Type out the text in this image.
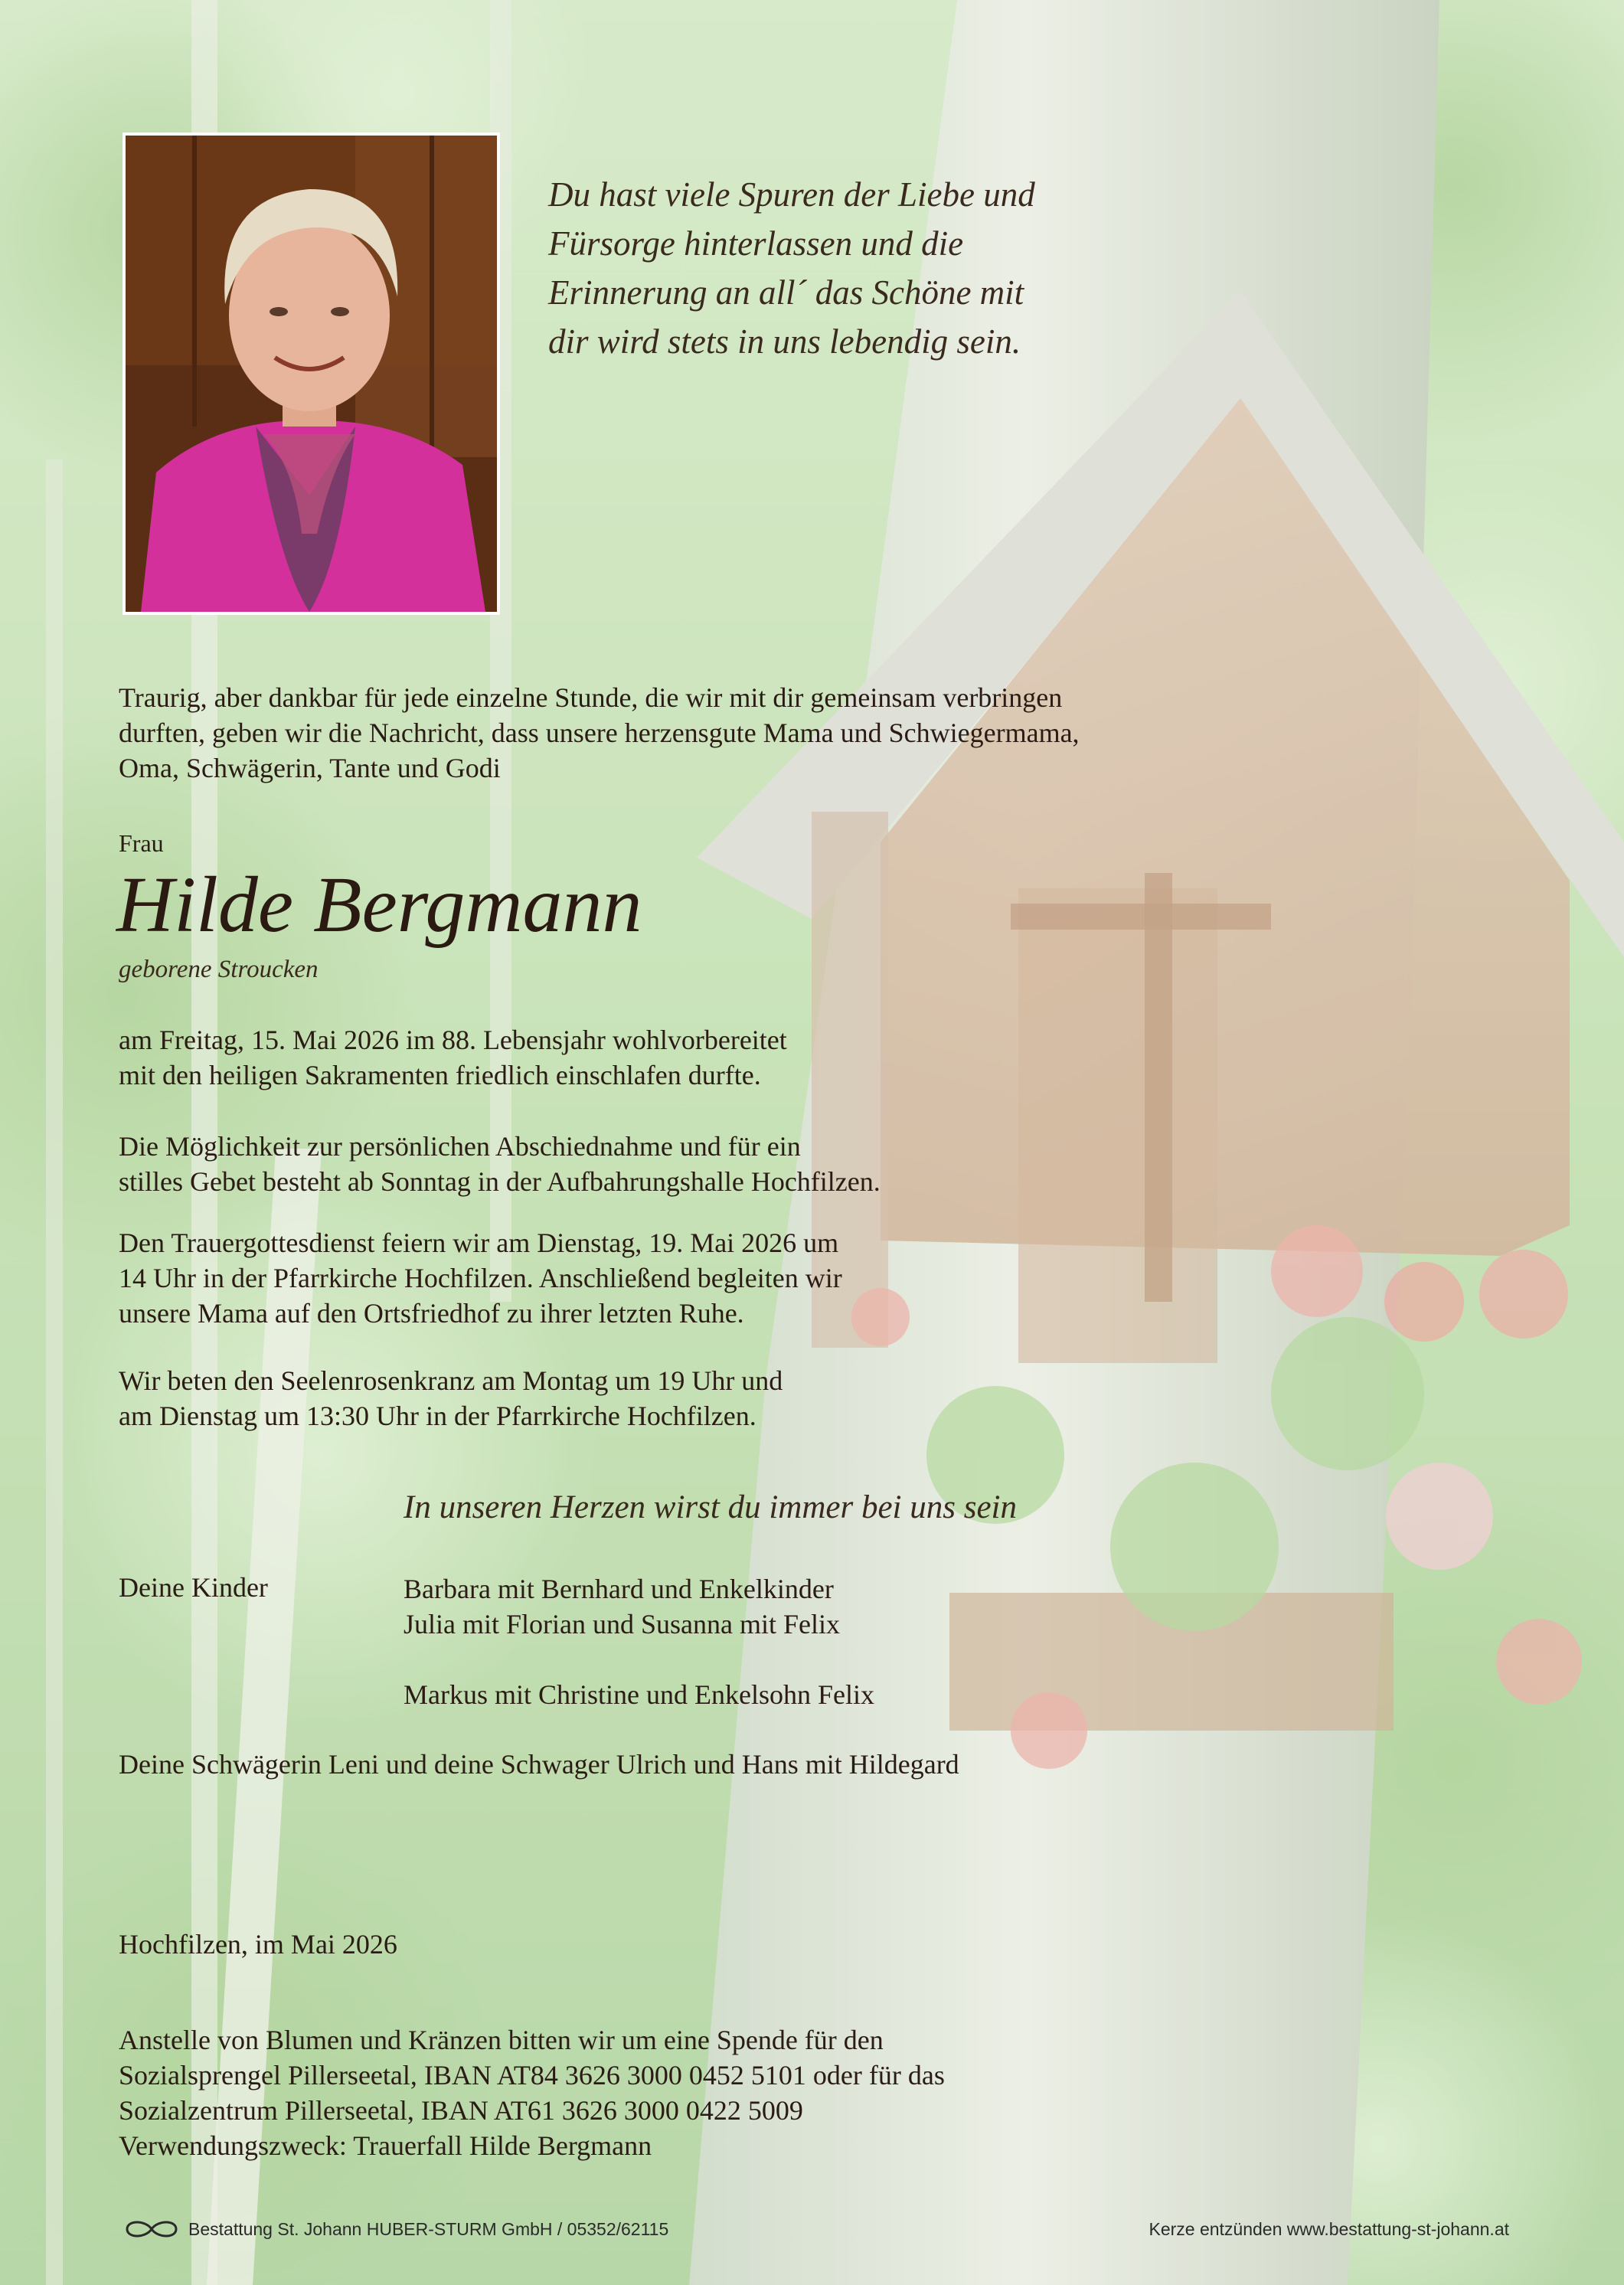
Du hast viele Spuren der Liebe und
Fürsorge hinterlassen und die
Erinnerung an all´ das Schöne mit
dir wird stets in uns lebendig sein.
Traurig, aber dankbar für jede einzelne Stunde, die wir mit dir gemeinsam verbringen
durften, geben wir die Nachricht, dass unsere herzensgute Mama und Schwiegermama,
Oma, Schwägerin, Tante und Godi
Frau
Hilde Bergmann
geborene Stroucken
am Freitag, 15. Mai 2026 im 88. Lebensjahr wohlvorbereitet
mit den heiligen Sakramenten friedlich einschlafen durfte.
Die Möglichkeit zur persönlichen Abschiednahme und für ein
stilles Gebet besteht ab Sonntag in der Aufbahrungshalle Hochfilzen.
Den Trauergottesdienst feiern wir am Dienstag, 19. Mai 2026 um
14 Uhr in der Pfarrkirche Hochfilzen. Anschließend begleiten wir
unsere Mama auf den Ortsfriedhof zu ihrer letzten Ruhe.
Wir beten den Seelenrosenkranz am Montag um 19 Uhr und
am Dienstag um 13:30 Uhr in der Pfarrkirche Hochfilzen.
In unseren Herzen wirst du immer bei uns sein
Deine Kinder	Barbara mit Bernhard und Enkelkinder
Julia mit Florian und Susanna mit Felix
Markus mit Christine und Enkelsohn Felix
Deine Schwägerin Leni und deine Schwager Ulrich und Hans mit Hildegard
Hochfilzen, im Mai 2026
Anstelle von Blumen und Kränzen bitten wir um eine Spende für den
Sozialsprengel Pillerseetal, IBAN AT84 3626 3000 0452 5101 oder für das
Sozialzentrum Pillerseetal, IBAN AT61 3626 3000 0422 5009
Verwendungszweck: Trauerfall Hilde Bergmann
Bestattung St. Johann HUBER-STURM GmbH / 05352/62115	Kerze entzünden www.bestattung-st-johann.at
